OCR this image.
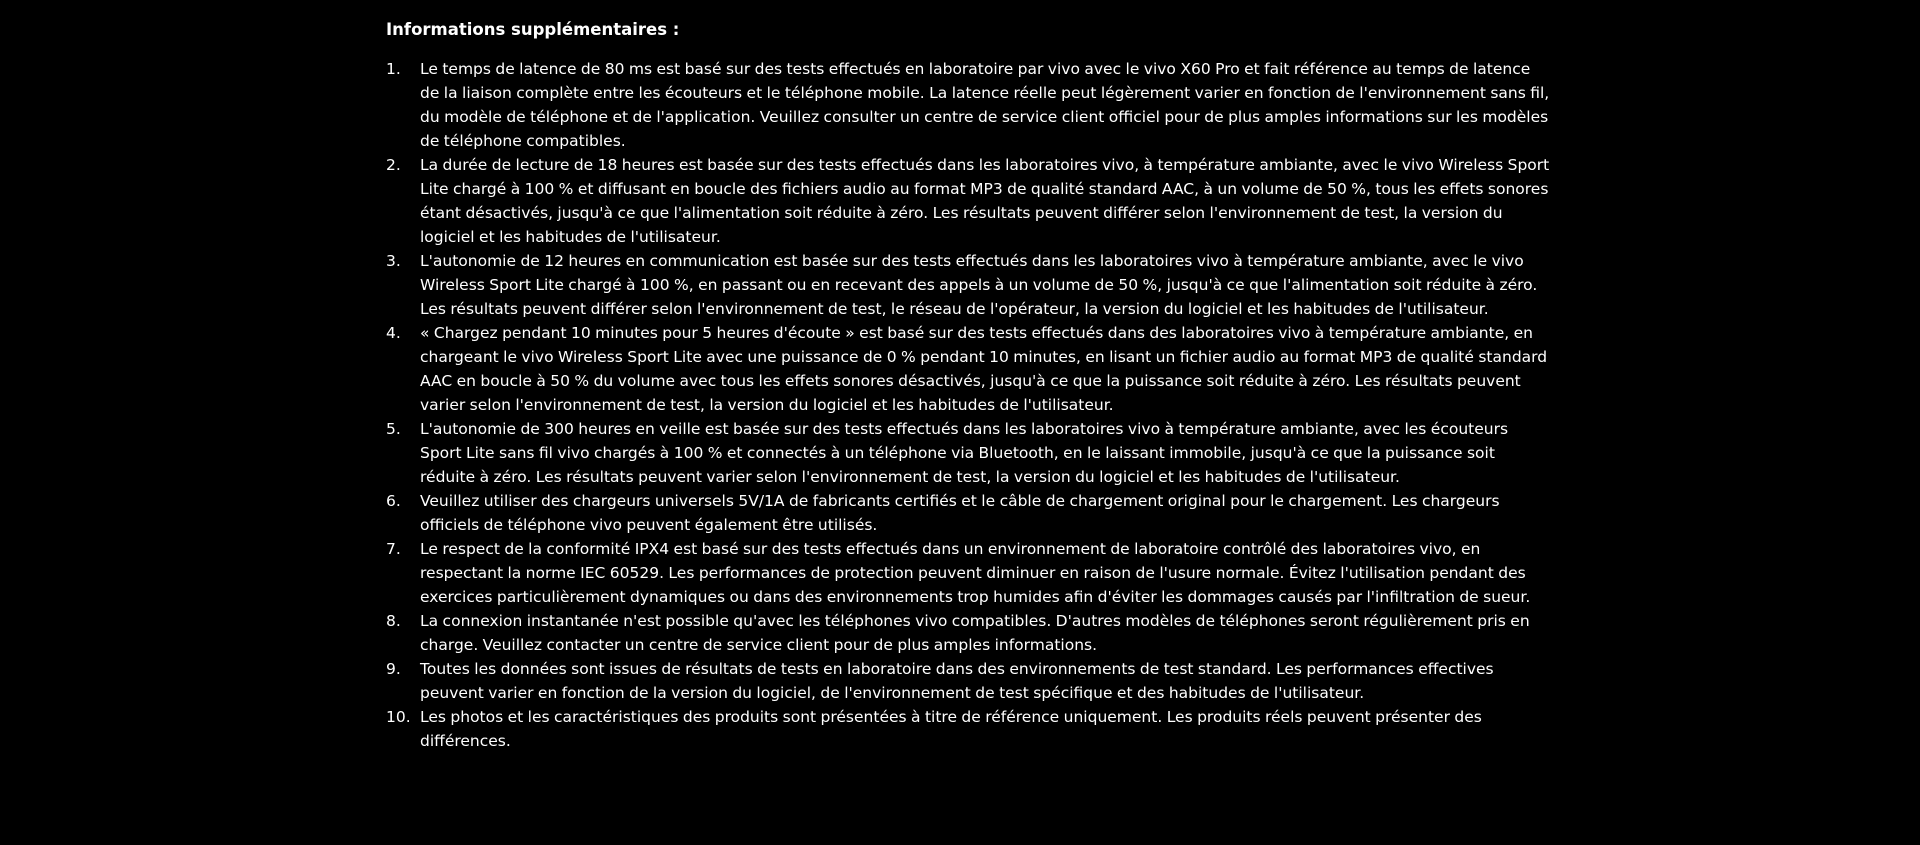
Informations supplémentaires :
1.	Le temps de latence de 80 ms est basé sur des tests effectués en laboratoire par vivo avec le vivo X60 Pro et fait référence au temps de latence de la liaison complète entre les écouteurs et le téléphone mobile. La latence réelle peut légèrement varier en fonction de l'environnement sans fil, du modèle de téléphone et de l'application. Veuillez consulter un centre de service client officiel pour de plus amples informations sur les modèles de téléphone compatibles.
2.	La durée de lecture de 18 heures est basée sur des tests effectués dans les laboratoires vivo, à température ambiante, avec le vivo Wireless Sport Lite chargé à 100 % et diffusant en boucle des fichiers audio au format MP3 de qualité standard AAC, à un volume de 50 %, tous les effets sonores étant désactivés, jusqu'à ce que l'alimentation soit réduite à zéro. Les résultats peuvent différer selon l'environnement de test, la version du logiciel et les habitudes de l'utilisateur.
3.	L'autonomie de 12 heures en communication est basée sur des tests effectués dans les laboratoires vivo à température ambiante, avec le vivo Wireless Sport Lite chargé à 100 %, en passant ou en recevant des appels à un volume de 50 %, jusqu'à ce que l'alimentation soit réduite à zéro. Les résultats peuvent différer selon l'environnement de test, le réseau de l'opérateur, la version du logiciel et les habitudes de l'utilisateur.
4.	« Chargez pendant 10 minutes pour 5 heures d'écoute » est basé sur des tests effectués dans des laboratoires vivo à température ambiante, en chargeant le vivo Wireless Sport Lite avec une puissance de 0 % pendant 10 minutes, en lisant un fichier audio au format MP3 de qualité standard AAC en boucle à 50 % du volume avec tous les effets sonores désactivés, jusqu'à ce que la puissance soit réduite à zéro. Les résultats peuvent varier selon l'environnement de test, la version du logiciel et les habitudes de l'utilisateur.
5.	L'autonomie de 300 heures en veille est basée sur des tests effectués dans les laboratoires vivo à température ambiante, avec les écouteurs Sport Lite sans fil vivo chargés à 100 % et connectés à un téléphone via Bluetooth, en le laissant immobile, jusqu'à ce que la puissance soit réduite à zéro. Les résultats peuvent varier selon l'environnement de test, la version du logiciel et les habitudes de l'utilisateur.
6.	Veuillez utiliser des chargeurs universels 5V/1A de fabricants certifiés et le câble de chargement original pour le chargement. Les chargeurs officiels de téléphone vivo peuvent également être utilisés.
7.	Le respect de la conformité IPX4 est basé sur des tests effectués dans un environnement de laboratoire contrôlé des laboratoires vivo, en respectant la norme IEC 60529. Les performances de protection peuvent diminuer en raison de l'usure normale. Évitez l'utilisation pendant des exercices particulièrement dynamiques ou dans des environnements trop humides afin d'éviter les dommages causés par l'infiltration de sueur.
8.	La connexion instantanée n'est possible qu'avec les téléphones vivo compatibles. D'autres modèles de téléphones seront régulièrement pris en charge. Veuillez contacter un centre de service client pour de plus amples informations.
9.	Toutes les données sont issues de résultats de tests en laboratoire dans des environnements de test standard. Les performances effectives peuvent varier en fonction de la version du logiciel, de l'environnement de test spécifique et des habitudes de l'utilisateur.
10. Les photos et les caractéristiques des produits sont présentées à titre de référence uniquement. Les produits réels peuvent présenter des différences.
